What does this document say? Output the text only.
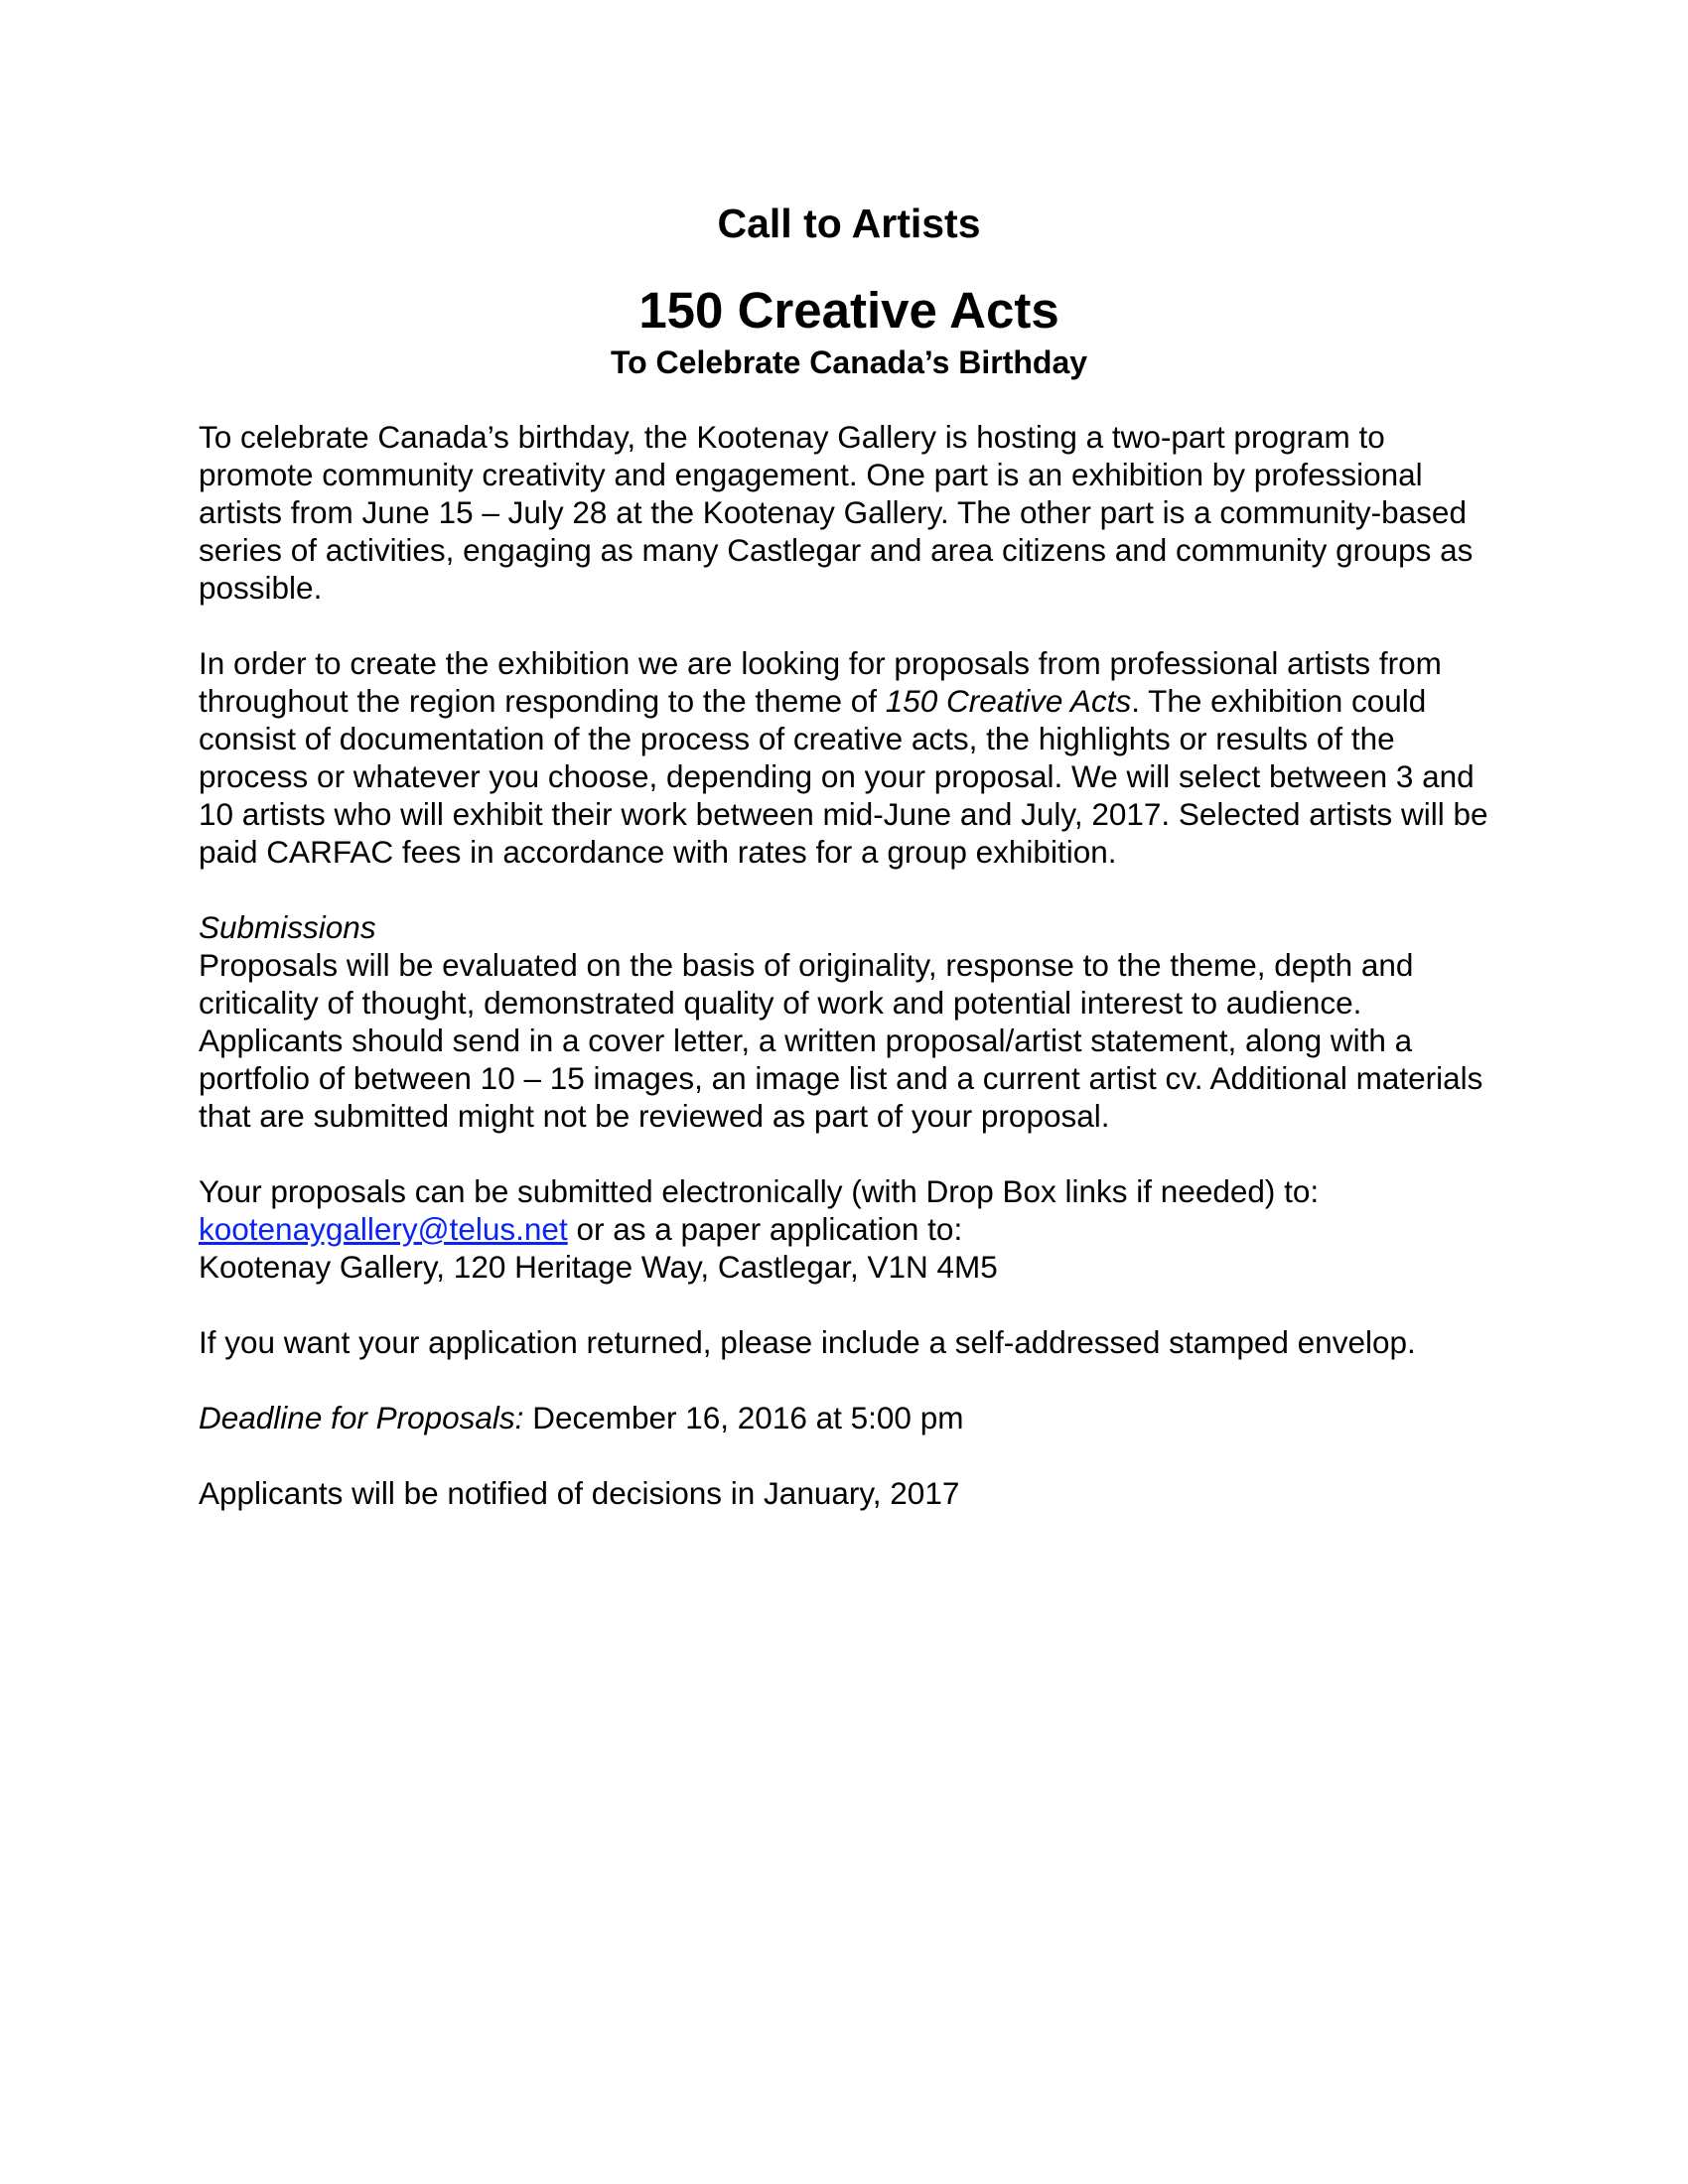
Call to Artists
150 Creative Acts
To Celebrate Canada’s Birthday

To celebrate Canada’s birthday, the Kootenay Gallery is hosting a two-part program to promote community creativity and engagement. One part is an exhibition by professional artists from June 15 – July 28 at the Kootenay Gallery. The other part is a community-based series of activities, engaging as many Castlegar and area citizens and community groups as possible.

In order to create the exhibition we are looking for proposals from professional artists from throughout the region responding to the theme of 150 Creative Acts. The exhibition could consist of documentation of the process of creative acts, the highlights or results of the process or whatever you choose, depending on your proposal. We will select between 3 and 10 artists who will exhibit their work between mid-June and July, 2017. Selected artists will be paid CARFAC fees in accordance with rates for a group exhibition.

Submissions
Proposals will be evaluated on the basis of originality, response to the theme, depth and criticality of thought, demonstrated quality of work and potential interest to audience. Applicants should send in a cover letter, a written proposal/artist statement, along with a portfolio of between 10 – 15 images, an image list and a current artist cv. Additional materials that are submitted might not be reviewed as part of your proposal.

Your proposals can be submitted electronically (with Drop Box links if needed) to:
kootenaygallery@telus.net or as a paper application to:
Kootenay Gallery, 120 Heritage Way, Castlegar, V1N 4M5

If you want your application returned, please include a self-addressed stamped envelop.

Deadline for Proposals: December 16, 2016 at 5:00 pm

Applicants will be notified of decisions in January, 2017
